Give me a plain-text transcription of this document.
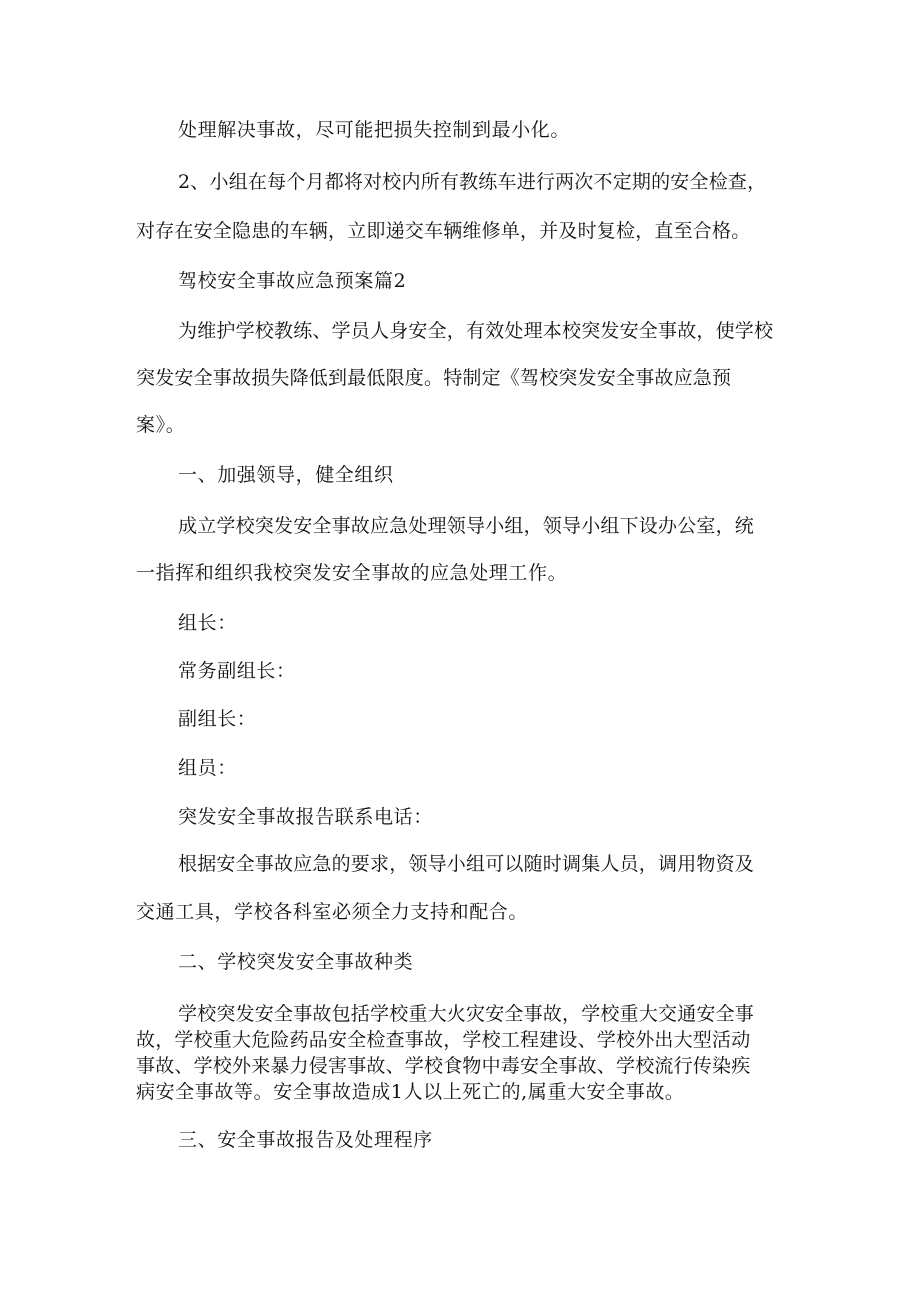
处理解决事故，尽可能把损失控制到最小化。
2、小组在每个月都将对校内所有教练车进行两次不定期的安全检查，
对存在安全隐患的车辆，立即递交车辆维修单，并及时复检，直至合格。
驾校安全事故应急预案篇2
为维护学校教练、学员人身安全，有效处理本校突发安全事故，使学校
突发安全事故损失降低到最低限度。特制定《驾校突发安全事故应急预
案》。
一、加强领导，健全组织
成立学校突发安全事故应急处理领导小组，领导小组下设办公室，统
一指挥和组织我校突发安全事故的应急处理工作。
组长：
常务副组长：
副组长：
组员：
突发安全事故报告联系电话：
根据安全事故应急的要求，领导小组可以随时调集人员，调用物资及
交通工具，学校各科室必须全力支持和配合。
二、学校突发安全事故种类
学校突发安全事故包括学校重大火灾安全事故，学校重大交通安全事
故，学校重大危险药品安全检查事故，学校工程建设、学校外出大型活动
事故、学校外来暴力侵害事故、学校食物中毒安全事故、学校流行传染疾
病安全事故等。安全事故造成1人以上死亡的,属重大安全事故。
三、安全事故报告及处理程序
